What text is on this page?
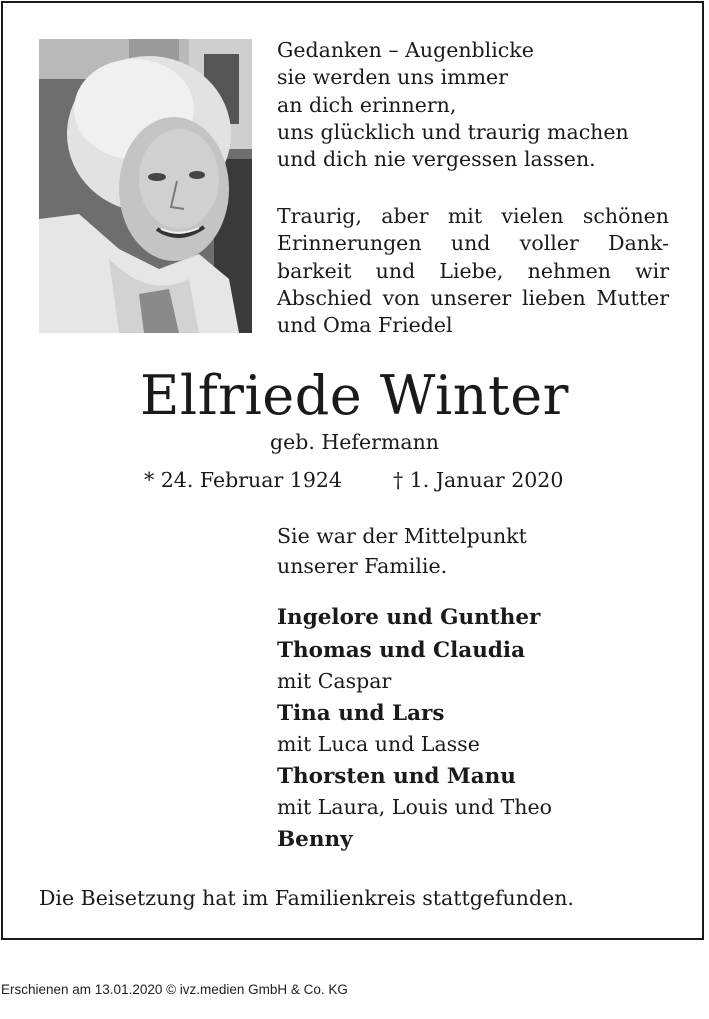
Gedanken – Augenblicke
sie werden uns immer
an dich erinnern,
uns glücklich und traurig machen
und dich nie vergessen lassen.
Traurig, aber mit vielen schönen
Erinnerungen und voller Dank-
barkeit und Liebe, nehmen wir
Abschied von unserer lieben Mutter
und Oma Friedel
Elfriede Winter
geb. Hefermann
* 24. Februar 1924 † 1. Januar 2020
Sie war der Mittelpunkt
unserer Familie.
Ingelore und Gunther
Thomas und Claudia
mit Caspar
Tina und Lars
mit Luca und Lasse
Thorsten und Manu
mit Laura, Louis und Theo
Benny
Die Beisetzung hat im Familienkreis stattgefunden.
Erschienen am 13.01.2020 © ivz.medien GmbH & Co. KG
